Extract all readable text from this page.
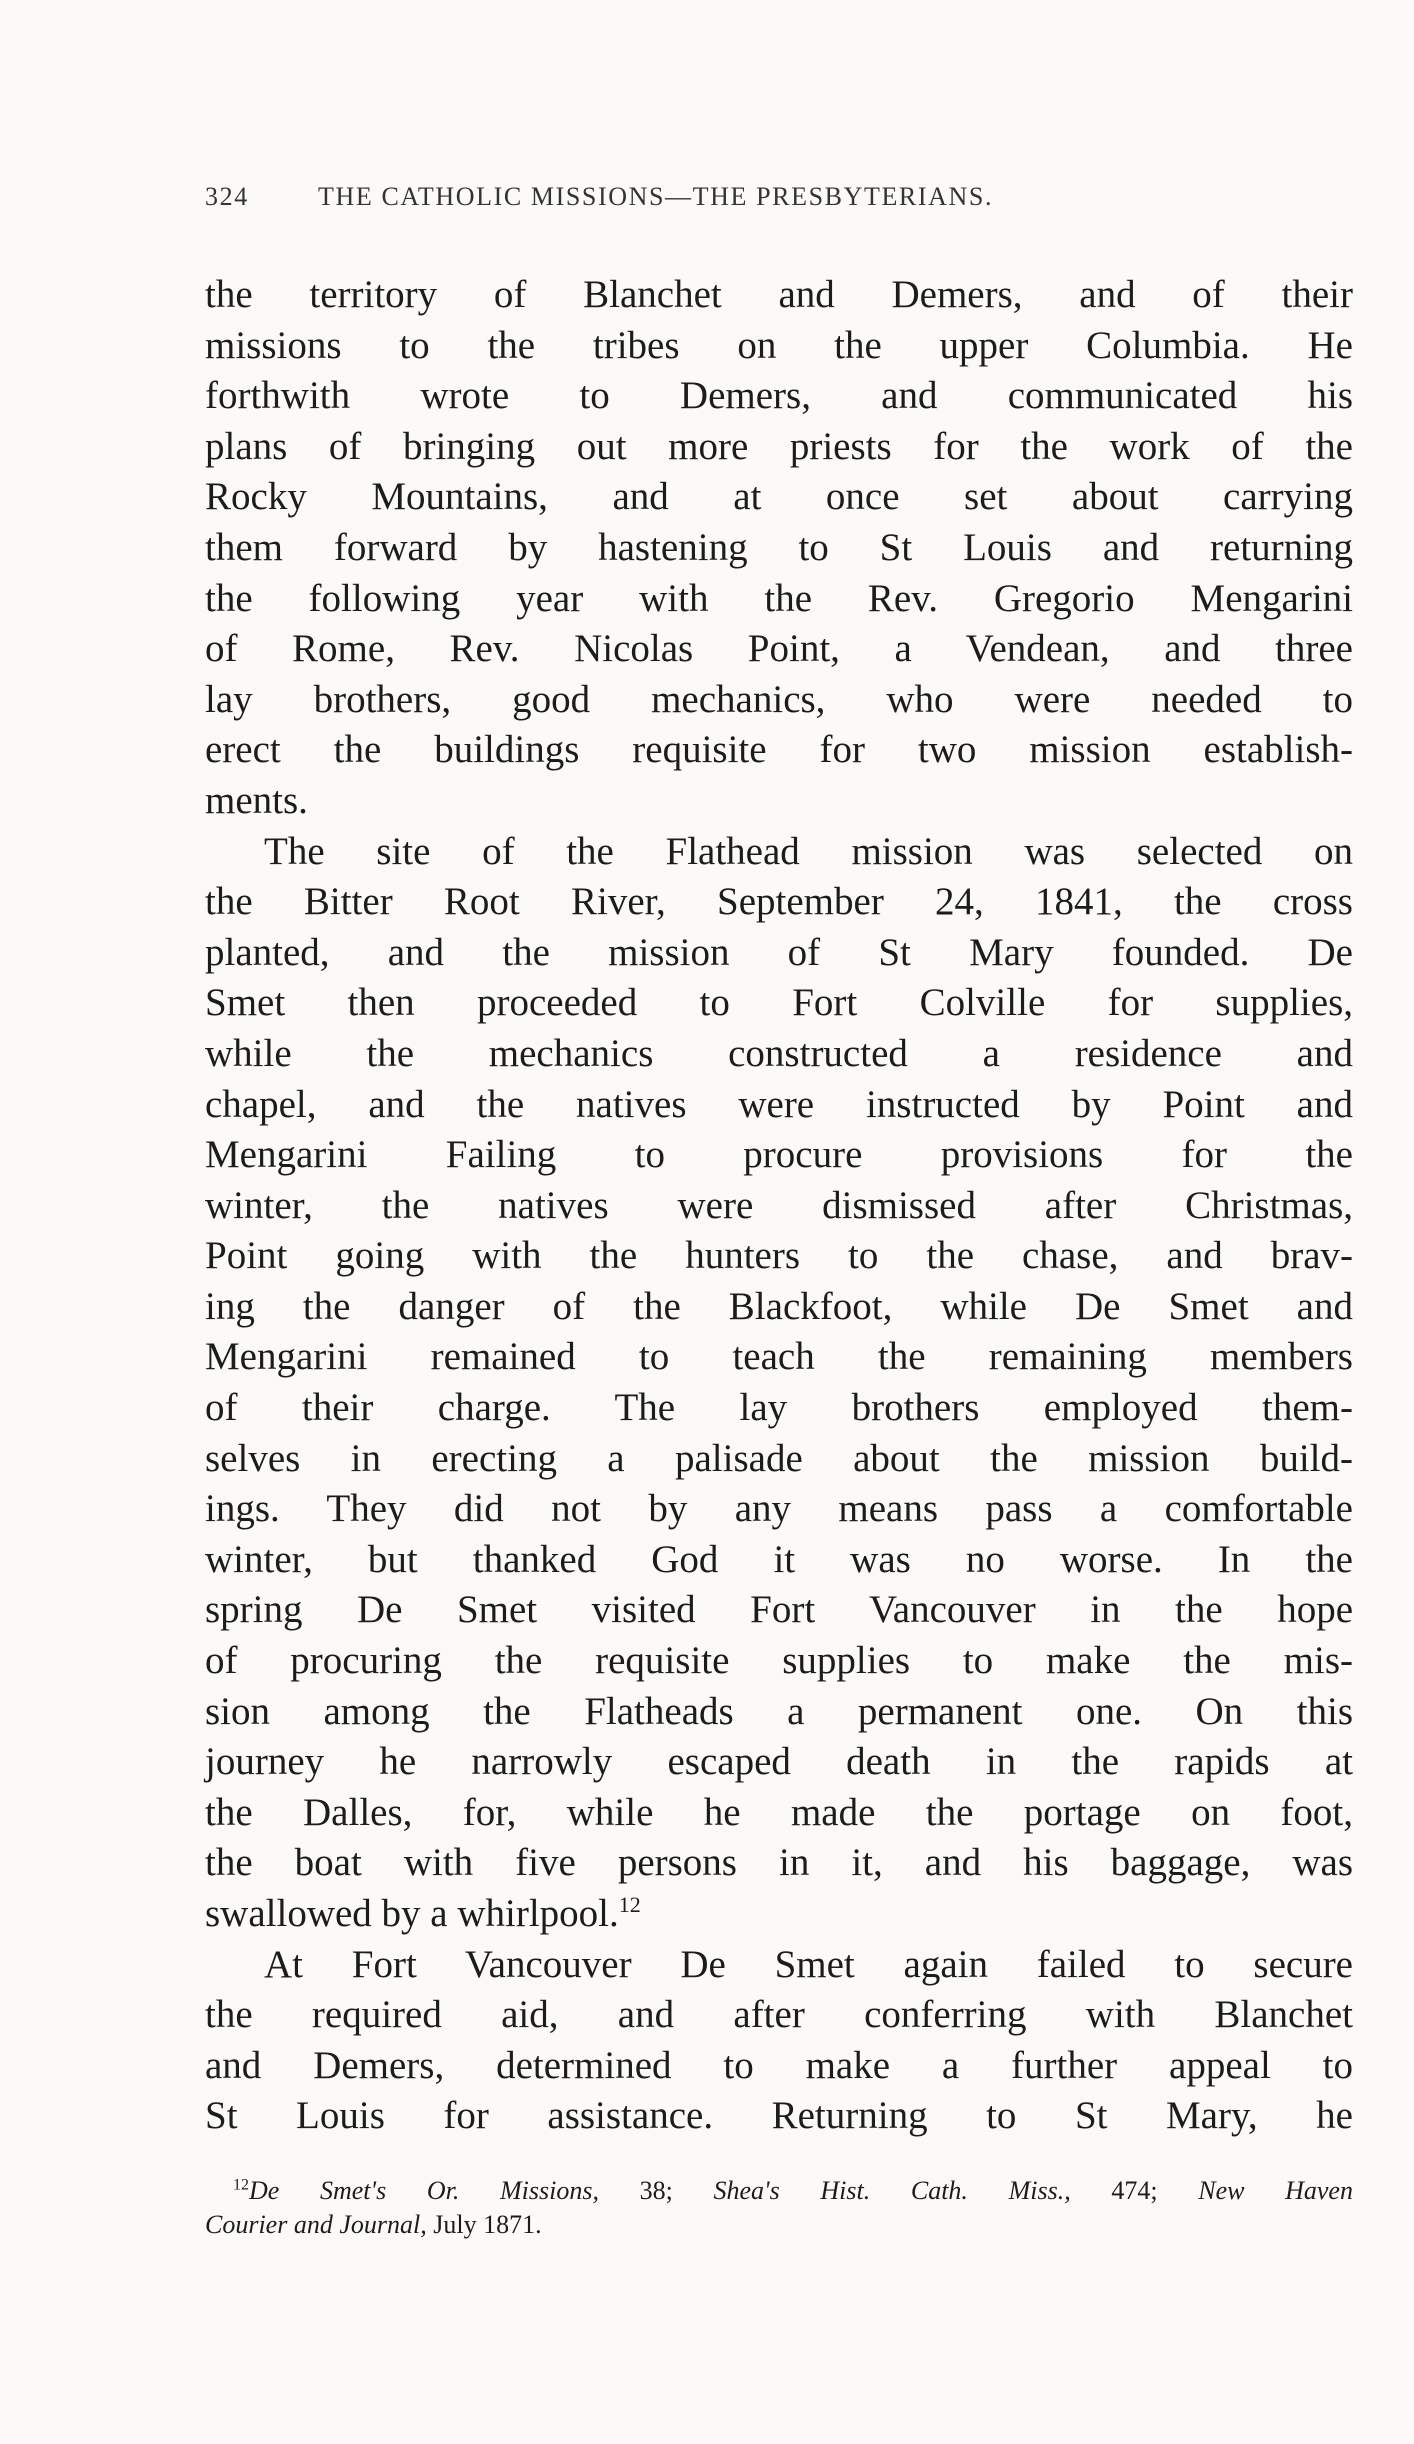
324	THE CATHOLIC MISSIONS—THE PRESBYTERIANS.
the territory of Blanchet and Demers, and of their
missions to the tribes on the upper Columbia. He
forthwith wrote to Demers, and communicated his
plans of bringing out more priests for the work of the
Rocky Mountains, and at once set about carrying
them forward by hastening to St Louis and returning
the following year with the Rev. Gregorio Mengarini
of Rome, Rev. Nicolas Point, a Vendean, and three
lay brothers, good mechanics, who were needed to
erect the buildings requisite for two mission establish-
ments.
The site of the Flathead mission was selected on
the Bitter Root River, September 24, 1841, the cross
planted, and the mission of St Mary founded. De
Smet then proceeded to Fort Colville for supplies,
while the mechanics constructed a residence and
chapel, and the natives were instructed by Point and
Mengarini Failing to procure provisions for the
winter, the natives were dismissed after Christmas,
Point going with the hunters to the chase, and brav-
ing the danger of the Blackfoot, while De Smet and
Mengarini remained to teach the remaining members
of their charge. The lay brothers employed them-
selves in erecting a palisade about the mission build-
ings. They did not by any means pass a comfortable
winter, but thanked God it was no worse. In the
spring De Smet visited Fort Vancouver in the hope
of procuring the requisite supplies to make the mis-
sion among the Flatheads a permanent one. On this
journey he narrowly escaped death in the rapids at
the Dalles, for, while he made the portage on foot,
the boat with five persons in it, and his baggage, was
swallowed by a whirlpool.$^{12}$
At Fort Vancouver De Smet again failed to secure
the required aid, and after conferring with Blanchet
and Demers, determined to make a further appeal to
St Louis for assistance. Returning to St Mary, he
$^{12}$De Smet's Or. Missions, 38; Shea's Hist. Cath. Miss., 474; New Haven
Courier and Journal, July 1871.
